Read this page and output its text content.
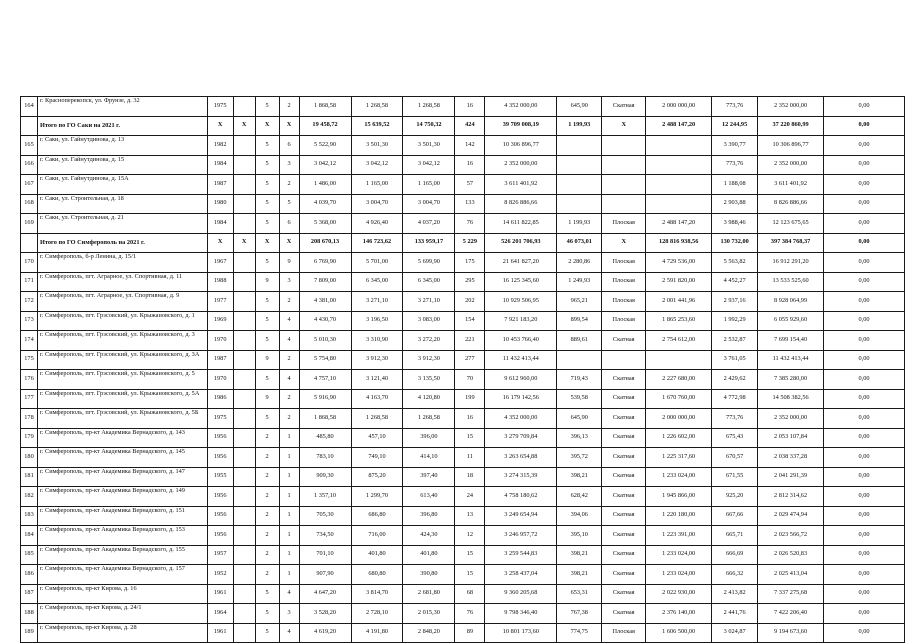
164	г. Красноперекопск, ул. Фрунзе, д. 32	1975		5	2	1 868,58	1 268,58	1 268,58	16	4 352 000,00	645,90	Скатная	2 000 000,00	773,76	2 352 000,00	0,00
	Итого по ГО Саки на 2021 г.	X	X	X	X	19 458,72	15 639,52	14 750,32	424	39 709 008,19	1 199,93	X	2 488 147,20	12 244,95	37 220 860,99	0,00
165	г. Саки, ул. Гайнутдинова, д. 13	1982		5	6	5 522,90	3 501,30	3 501,30	142	10 306 896,77				3 390,77	10 306 896,77	0,00
166	г. Саки, ул. Гайнутдинова, д. 15	1984		5	3	3 042,12	3 042,12	3 042,12	16	2 352 000,00				773,76	2 352 000,00	0,00
167	г. Саки, ул. Гайнутдинова, д. 15А	1987		5	2	1 486,00	1 165,00	1 165,00	57	3 611 401,92				1 188,08	3 611 401,92	0,00
168	г. Саки, ул. Строительная, д. 18	1980		5	5	4 039,70	3 004,70	3 004,70	133	8 826 886,66				2 903,88	8 826 886,66	0,00
169	г. Саки, ул. Строительная, д. 21	1984		5	6	5 368,00	4 926,40	4 037,20	76	14 611 822,85	1 199,93	Плоская	2 488 147,20	3 988,46	12 123 675,65	0,00
	Итого по ГО Симферополь на 2021 г.	X	X	X	X	208 670,13	146 723,62	133 959,17	5 229	526 201 706,93	46 073,01	X	128 816 938,56	130 732,00	397 384 768,37	0,00
170	г. Симферополь, б-р Ленина, д. 15/1	1967		5	9	6 769,90	5 701,00	5 699,90	175	21 641 827,20	2 280,86	Плоская	4 729 536,00	5 563,82	16 912 291,20	0,00
171	г. Симферополь, пгт. Аграрное, ул. Спортивная, д. 11	1988		9	3	7 809,00	6 345,00	6 345,00	295	16 125 345,60	1 249,93	Плоская	2 591 820,00	4 452,27	13 533 525,60	0,00
172	г. Симферополь, пгт. Аграрное, ул. Спортивная, д. 9	1977		5	2	4 381,00	3 271,10	3 271,10	202	10 929 506,95	965,21	Плоская	2 001 441,96	2 937,16	8 928 064,99	0,00
173	г. Симферополь, пгт. Грэсовский, ул. Крыжановского, д. 1	1969		5	4	4 430,70	3 196,50	3 083,00	154	7 921 183,20	899,54	Плоская	1 865 253,60	1 992,29	6 055 929,60	0,00
174	г. Симферополь, пгт. Грэсовский, ул. Крыжановского, д. 3	1970		5	4	5 010,30	3 310,90	3 272,20	221	10 453 766,40	889,61	Скатная	2 754 612,00	2 532,87	7 699 154,40	0,00
175	г. Симферополь, пгт. Грэсовский, ул. Крыжановского, д. 3А	1987		9	2	5 754,80	3 912,30	3 912,30	277	11 432 413,44				3 761,05	11 432 413,44	0,00
176	г. Симферополь, пгт. Грэсовский, ул. Крыжановского, д. 5	1970		5	4	4 757,10	3 121,40	3 135,50	70	9 612 960,00	719,43	Скатная	2 227 680,00	2 429,62	7 385 280,00	0,00
177	г. Симферополь, пгт. Грэсовский, ул. Крыжановского, д. 5А	1986		9	2	5 916,90	4 163,70	4 120,80	199	16 179 142,56	539,58	Скатная	1 670 760,00	4 772,98	14 508 382,56	0,00
178	г. Симферополь, пгт. Грэсовский, ул. Крыжановского, д. 5Б	1975		5	2	1 868,58	1 268,58	1 268,58	16	4 352 000,00	645,90	Скатная	2 000 000,00	773,76	2 352 000,00	0,00
179	г. Симферополь, пр-кт Академика Вернадского, д. 143	1956		2	1	485,80	457,10	396,00	15	3 279 709,84	396,13	Скатная	1 226 602,00	675,43	2 053 107,84	0,00
180	г. Симферополь, пр-кт Академика Вернадского, д. 145	1956		2	1	783,10	749,10	414,10	11	3 263 654,88	395,72	Скатная	1 225 317,60	670,57	2 038 337,28	0,00
181	г. Симферополь, пр-кт Академика Вернадского, д. 147	1955		2	1	909,30	875,20	397,40	18	3 274 315,39	398,21	Скатная	1 233 024,00	671,55	2 041 291,39	0,00
182	г. Симферополь, пр-кт Академика Вернадского, д. 149	1956		2	1	1 357,10	1 299,70	613,40	24	4 758 180,62	628,42	Скатная	1 945 866,00	925,20	2 812 314,62	0,00
183	г. Симферополь, пр-кт Академика Вернадского, д. 151	1956		2	1	705,30	686,80	396,80	13	3 249 654,94	394,06	Скатная	1 220 180,00	667,66	2 029 474,94	0,00
184	г. Симферополь, пр-кт Академика Вернадского, д. 153	1956		2	1	734,50	716,00	424,30	12	3 246 957,72	395,10	Скатная	1 223 391,00	665,71	2 023 566,72	0,00
185	г. Симферополь, пр-кт Академика Вернадского, д. 155	1957		2	1	701,10	401,80	401,80	15	3 259 544,83	398,21	Скатная	1 233 024,00	666,69	2 026 520,83	0,00
186	г. Симферополь, пр-кт Академика Вернадского, д. 157	1952		2	1	907,90	680,80	390,80	15	3 258 437,04	398,21	Скатная	1 233 024,00	666,32	2 025 413,04	0,00
187	г. Симферополь, пр-кт Кирова, д. 16	1961		5	4	4 647,20	3 814,70	2 681,80	68	9 360 205,68	653,31	Скатная	2 022 930,00	2 413,82	7 337 275,68	0,00
188	г. Симферополь, пр-кт Кирова, д. 24/1	1964		5	3	3 528,20	2 728,10	2 015,30	76	9 798 346,40	767,38	Скатная	2 376 140,00	2 441,76	7 422 206,40	0,00
189	г. Симферополь, пр-кт Кирова, д. 28	1961		5	4	4 619,20	4 191,80	2 848,20	89	10 801 173,60	774,75	Плоская	1 606 500,00	3 024,87	9 194 673,60	0,00
